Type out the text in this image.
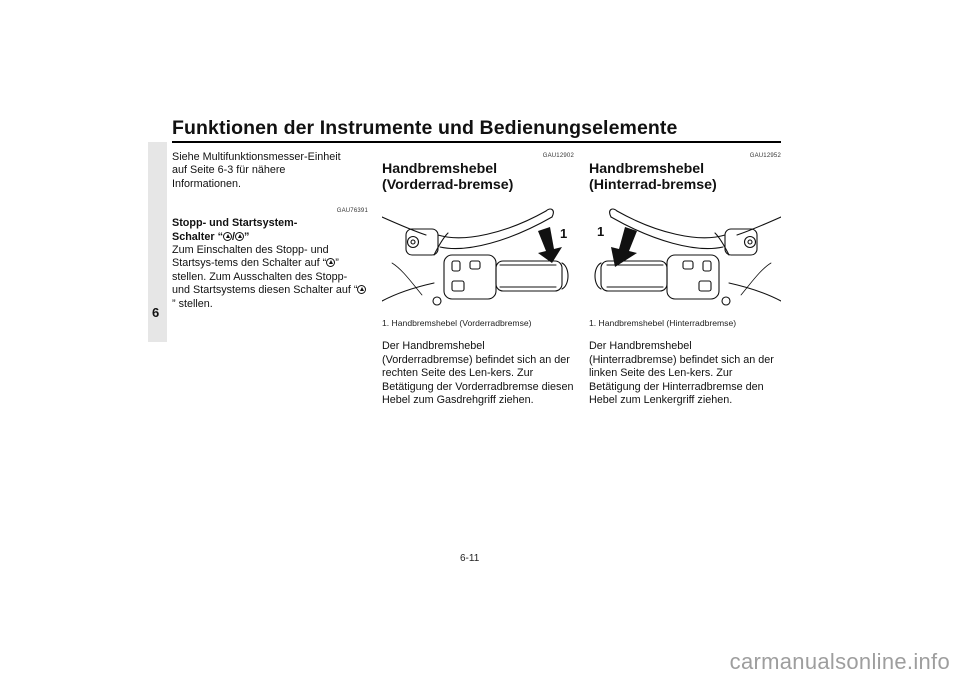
Funktionen der Instrumente und Bedienungselemente
6

Siehe Multifunktionsmesser-Einheit auf Seite 6-3 für nähere Informationen.

GAU76391

Stopp- und Startsystem-
Schalter “ / ”

Zum Einschalten des Stopp- und Startsys-tems den Schalter auf “ ” stellen. Zum Ausschalten des Stopp- und Startsystems diesen Schalter auf “” stellen.

GAU12902

Handbremshebel (Vorderrad-bremse)

1
1. Handbremshebel (Vorderradbremse)

Der Handbremshebel (Vorderradbremse) befindet sich an der rechten Seite des Len-kers. Zur Betätigung der Vorderradbremse diesen Hebel zum Gasdrehgriff ziehen.

GAU12952

Handbremshebel (Hinterrad-bremse)

1
1. Handbremshebel (Hinterradbremse)

Der Handbremshebel (Hinterradbremse) befindet sich an der linken Seite des Len-kers. Zur Betätigung der Hinterradbremse den Hebel zum Lenkergriff ziehen.

6-11
carmanualsonline.info
